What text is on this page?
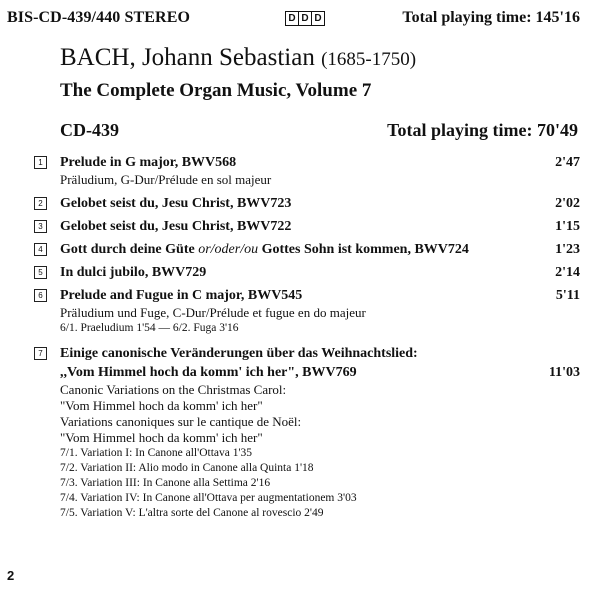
BIS-CD-439/440 STEREO	D D D	Total playing time: 145'16
BACH, Johann Sebastian (1685-1750)
The Complete Organ Music, Volume 7
CD-439	Total playing time: 70'49
1	Prelude in G major, BWV568	2'47
Präludium, G-Dur/Prélude en sol majeur
2	Gelobet seist du, Jesu Christ, BWV723	2'02
3	Gelobet seist du, Jesu Christ, BWV722	1'15
4	Gott durch deine Güte or/oder/ou Gottes Sohn ist kommen, BWV724	1'23
5	In dulci jubilo, BWV729	2'14
6	Prelude and Fugue in C major, BWV545	5'11
Präludium und Fuge, C-Dur/Prélude et fugue en do majeur
6/1. Praeludium 1'54 — 6/2. Fuga 3'16
7	Einige canonische Veränderungen über das Weihnachtslied:
,,Vom Himmel hoch da komm' ich her", BWV769	11'03
Canonic Variations on the Christmas Carol:
"Vom Himmel hoch da komm' ich her"
Variations canoniques sur le cantique de Noël:
"Vom Himmel hoch da komm' ich her"
7/1. Variation I: In Canone all'Ottava 1'35
7/2. Variation II: Alio modo in Canone alla Quinta 1'18
7/3. Variation III: In Canone alla Settima 2'16
7/4. Variation IV: In Canone all'Ottava per augmentationem 3'03
7/5. Variation V: L'altra sorte del Canone al rovescio 2'49
2
